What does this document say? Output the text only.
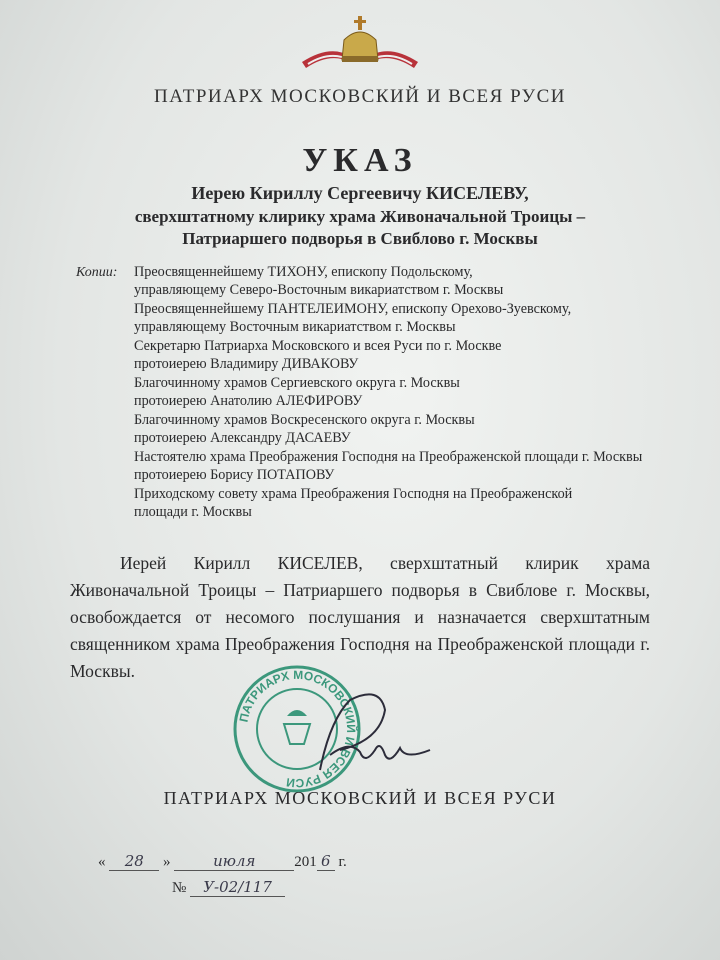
ПАТРИАРХ МОСКОВСКИЙ И ВСЕЯ РУСИ
УКАЗ
Иерею Кириллу Сергеевичу КИСЕЛЕВУ,
сверхштатному клирику храма Живоначальной Троицы –
Патриаршего подворья в Свиблово г. Москвы
Копии: Преосвященнейшему ТИХОНУ, епископу Подольскому,
управляющему Северо-Восточным викариатством г. Москвы
Преосвященнейшему ПАНТЕЛЕИМОНУ, епископу Орехово-Зуевскому,
управляющему Восточным викариатством г. Москвы
Секретарю Патриарха Московского и всея Руси по г. Москве
протоиерею Владимиру ДИВАКОВУ
Благочинному храмов Сергиевского округа г. Москвы
протоиерею Анатолию АЛЕФИРОВУ
Благочинному храмов Воскресенского округа г. Москвы
протоиерею Александру ДАСАЕВУ
Настоятелю храма Преображения Господня на Преображенской площади г. Москвы
протоиерею Борису ПОТАПОВУ
Приходскому совету храма Преображения Господня на Преображенской
площади г. Москвы
Иерей Кирилл КИСЕЛЕВ, сверхштатный клирик храма Живоначальной Троицы – Патриаршего подворья в Свиблове г. Москвы, освобождается от несомого послушания и назначается сверхштатным священником храма Преображения Господня на Преображенской площади г. Москвы.
ПАТРИАРХ МОСКОВСКИЙ И ВСЕЯ РУСИ
ПАТРИАРХ МОСКОВСКИЙ И ВСЕЯ РУСИ
« 28 »	июля	201 6 г.
№ У-02/117
